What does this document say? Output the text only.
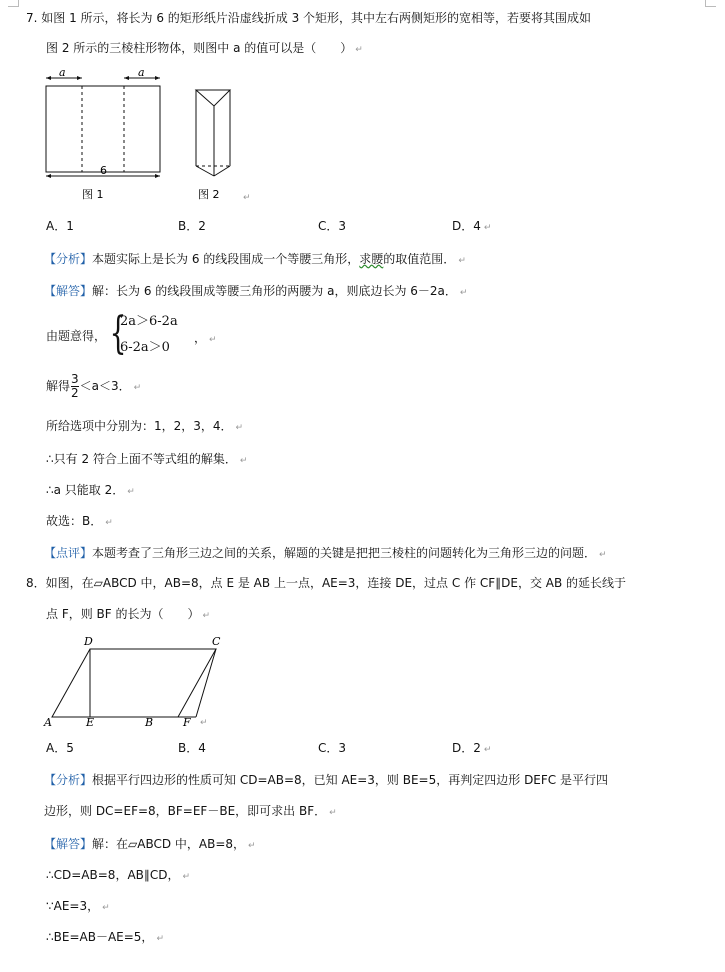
7. 如图 1 所示，将长为 6 的矩形纸片沿虚线折成 3 个矩形，其中左右两侧矩形的宽相等，若要将其围成如
图 2 所示的三棱柱形物体，则图中 a 的值可以是（　　） ↵
a	a
6
图 1	图 2	↵
A．1	B．2	C．3	D．4 ↵
【分析】本题实际上是长为 6 的线段围成一个等腰三角形，求腰的取值范围． ↵
【解答】解：长为 6 的线段围成等腰三角形的两腰为 a，则底边长为 6－2a． ↵
由题意得， {
2a＞6-2a
6-2a＞0
， ↵
解得 $\frac{3}{2} <a<3$． ↵
所给选项中分别为：1，2，3，4． ↵
∴只有 2 符合上面不等式组的解集． ↵
∴a 只能取 2． ↵
故选：B． ↵
【点评】本题考查了三角形三边之间的关系，解题的关键是把把三棱柱的问题转化为三角形三边的问题． ↵
8．如图，在▱ABCD 中，AB=8，点 E 是 AB 上一点，AE=3，连接 DE，过点 C 作 CF∥DE，交 AB 的延长线于
点 F，则 BF 的长为（　　） ↵
D	C
A	E	B	F ↵
A．5	B．4	C．3	D．2 ↵
【分析】根据平行四边形的性质可知 CD=AB=8，已知 AE=3，则 BE=5，再判定四边形 DEFC 是平行四
边形，则 DC=EF=8，BF=EF－BE，即可求出 BF． ↵
【解答】解：在▱ABCD 中，AB=8， ↵
∴CD=AB=8，AB∥CD， ↵
∵AE=3， ↵
∴BE=AB－AE=5， ↵
